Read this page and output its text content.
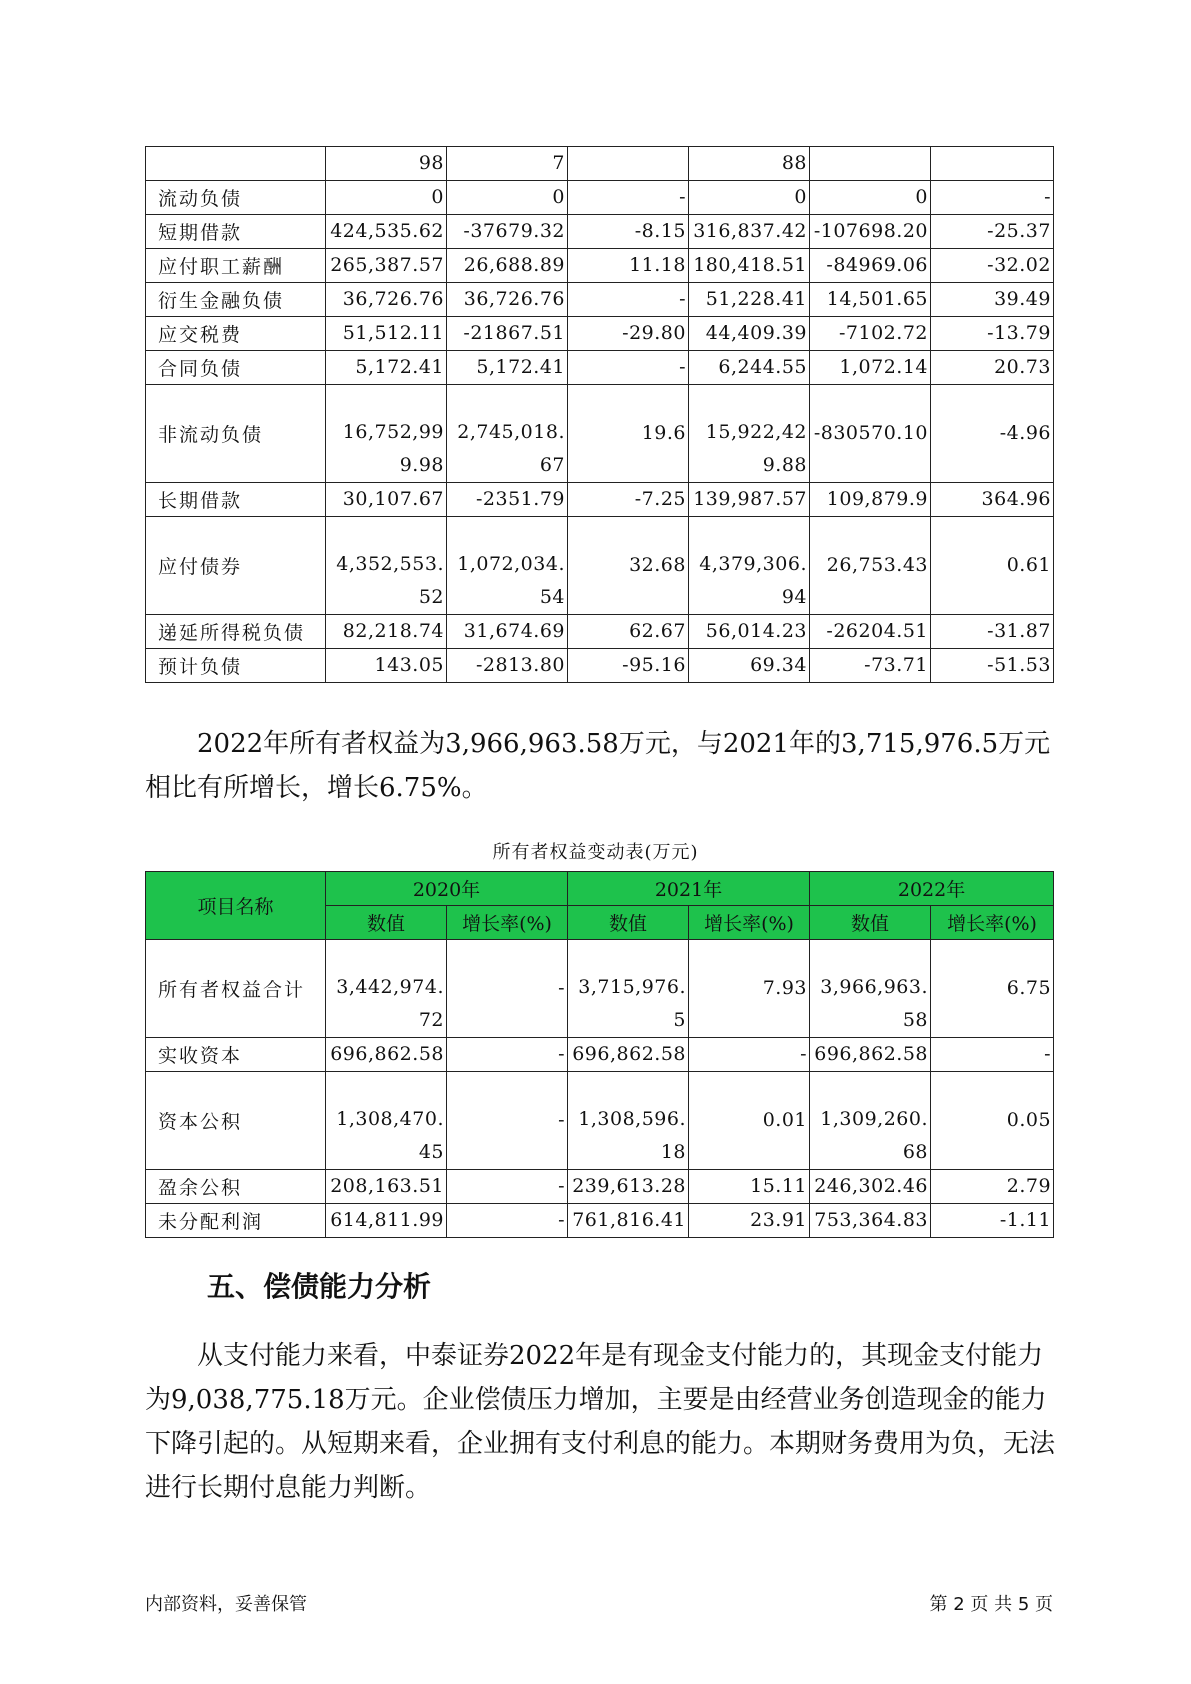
	98	7		88		
流动负债	0	0	-	0	0	-
短期借款	424,535.62	-37679.32	-8.15	316,837.42	-107698.20	-25.37
应付职工薪酬	265,387.57	26,688.89	11.18	180,418.51	-84969.06	-32.02
衍生金融负债	36,726.76	36,726.76	-	51,228.41	14,501.65	39.49
应交税费	51,512.11	-21867.51	-29.80	44,409.39	-7102.72	-13.79
合同负债	5,172.41	5,172.41	-	6,244.55	1,072.14	20.73
非流动负债	16,752,999.98	2,745,018.67	19.6	15,922,429.88	-830570.10	-4.96
长期借款	30,107.67	-2351.79	-7.25	139,987.57	109,879.9	364.96
应付债券	4,352,553.52	1,072,034.54	32.68	4,379,306.94	26,753.43	0.61
递延所得税负债	82,218.74	31,674.69	62.67	56,014.23	-26204.51	-31.87
预计负债	143.05	-2813.80	-95.16	69.34	-73.71	-51.53

2022年所有者权益为3,966,963.58万元，与2021年的3,715,976.5万元相比有所增长，增长6.75%。

所有者权益变动表(万元)
项目名称	2020年		2021年		2022年	
	数值	增长率(%)	数值	增长率(%)	数值	增长率(%)
所有者权益合计	3,442,974.72	-	3,715,976.5	7.93	3,966,963.58	6.75
实收资本	696,862.58	-	696,862.58	-	696,862.58	-
资本公积	1,308,470.45	-	1,308,596.18	0.01	1,309,260.68	0.05
盈余公积	208,163.51	-	239,613.28	15.11	246,302.46	2.79
未分配利润	614,811.99	-	761,816.41	23.91	753,364.83	-1.11
五、偿债能力分析

从支付能力来看，中泰证券2022年是有现金支付能力的，其现金支付能力为9,038,775.18万元。企业偿债压力增加，主要是由经营业务创造现金的能力下降引起的。从短期来看，企业拥有支付利息的能力。本期财务费用为负，无法进行长期付息能力判断。

内部资料，妥善保管	第 2 页 共 5 页
